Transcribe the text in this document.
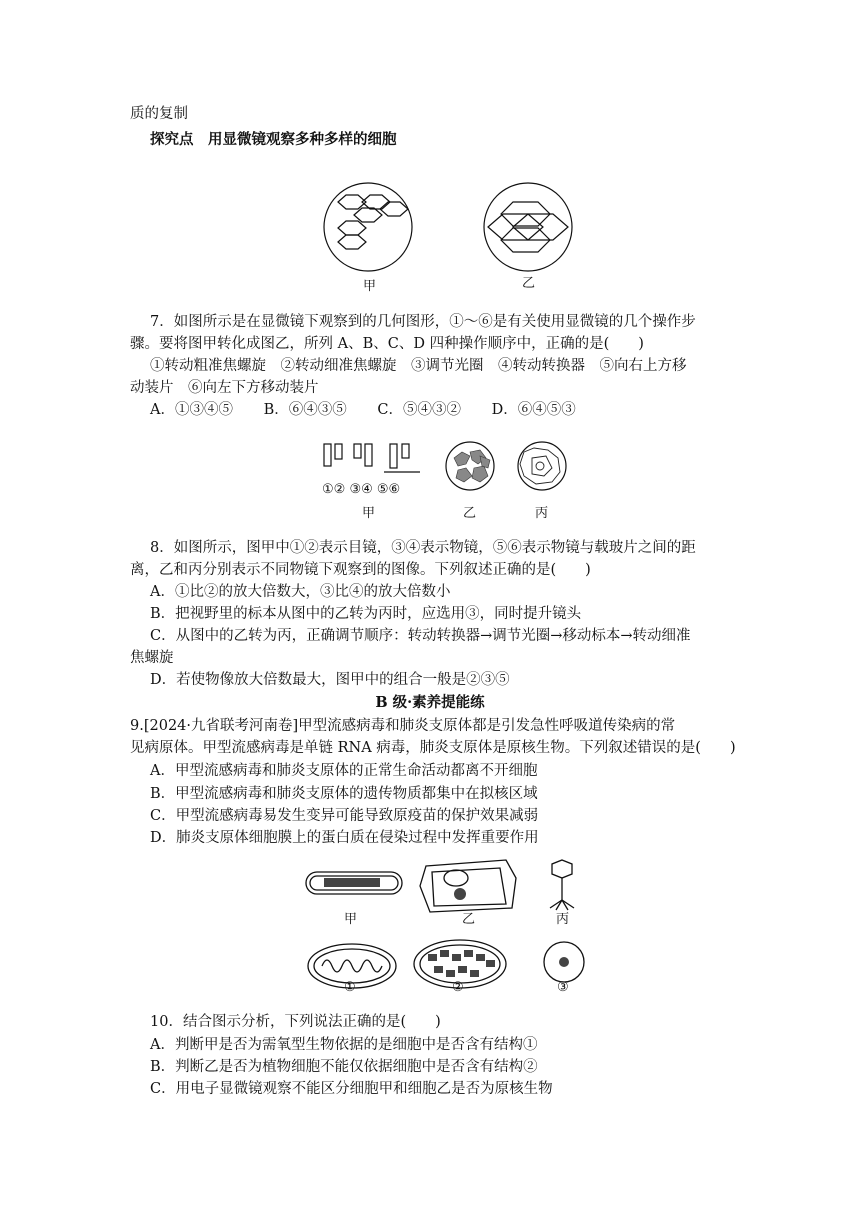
质的复制
探究点　用显微镜观察多种多样的细胞
甲	乙
7．如图所示是在显微镜下观察到的几何图形，①～⑥是有关使用显微镜的几个操作步
骤。要将图甲转化成图乙，所列 A、B、C、D 四种操作顺序中，正确的是(　　)
①转动粗准焦螺旋　②转动细准焦螺旋　③调节光圈　④转动转换器　⑤向右上方移
动装片　⑥向左下方移动装片
A．①③④⑤ B．⑥④③⑤ C．⑤④③② D．⑥④⑤③
①② ③④ ⑤⑥
甲	乙	丙
8．如图所示，图甲中①②表示目镜，③④表示物镜，⑤⑥表示物镜与载玻片之间的距
离，乙和丙分别表示不同物镜下观察到的图像。下列叙述正确的是(　　)
A．①比②的放大倍数大，③比④的放大倍数小
B．把视野里的标本从图中的乙转为丙时，应选用③，同时提升镜头
C．从图中的乙转为丙，正确调节顺序：转动转换器→调节光圈→移动标本→转动细准
焦螺旋
D．若使物像放大倍数最大，图甲中的组合一般是②③⑤
B 级·素养提能练
9.[2024·九省联考河南卷]甲型流感病毒和肺炎支原体都是引发急性呼吸道传染病的常
见病原体。甲型流感病毒是单链 RNA 病毒，肺炎支原体是原核生物。下列叙述错误的是(　　)
A．甲型流感病毒和肺炎支原体的正常生命活动都离不开细胞
B．甲型流感病毒和肺炎支原体的遗传物质都集中在拟核区域
C．甲型流感病毒易发生变异可能导致原疫苗的保护效果减弱
D．肺炎支原体细胞膜上的蛋白质在侵染过程中发挥重要作用
甲	乙	丙
①	②	③
10．结合图示分析，下列说法正确的是(　　)
A．判断甲是否为需氧型生物依据的是细胞中是否含有结构①
B．判断乙是否为植物细胞不能仅依据细胞中是否含有结构②
C．用电子显微镜观察不能区分细胞甲和细胞乙是否为原核生物
